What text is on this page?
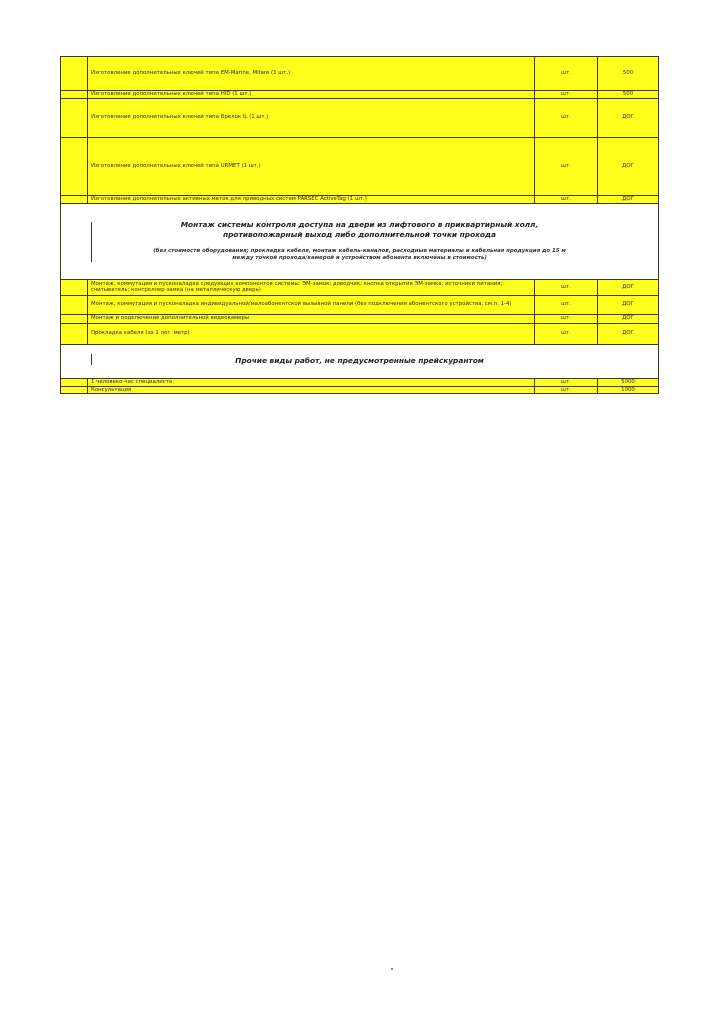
	Изготовление дополнительных ключей типа EM-Marine, Mifare (1 шт.)	шт.	500
	Изготовление дополнительных ключей типа HID (1 шт.)	шт.	500
	Изготовление дополнительных ключей типа Брелок IL (1 шт.)	шт.	ДОГ
	Изготовление дополнительных ключей типа URMET (1 шт.)	шт.	ДОГ
	Изготовление дополнительных активных меток для приводных систем PARSEC ActiveTag (1 шт.)	шт.	ДОГ

Монтаж системы контроля доступа на двери из лифтового в приквартирный холл, противопожарный выход либо дополнительной точки прохода
(без стоимости оборудования; прокладка кабеля, монтаж кабель-каналов, расходные материалы и кабельная продукция до 15 м между точкой прохода/камерой и устройством абонента включены в стоимость)			

	Монтаж, коммутация и пусконаладка следующих компонентов системы: ЭМ-замок; доводчик; кнопка открытия ЭМ-замка; источники питания; считыватель; контроллер замка (на металлическую дверь)	шт.	ДОГ
	Монтаж, коммутация и пусконаладка индивидуальной/малоабонентской вызывной панели (без подключения абонентского устройства, см.п. 1-4)	шт.	ДОГ
	Монтаж и подключение дополнительной видеокамеры	шт.	ДОГ
	Прокладка кабеля (за 1 пог. метр)	шт.	ДОГ

Прочие виды работ, не предусмотренные прейскурантом			

	1 человеко-час специалиста	шт.	5000
	Консультация	шт.	1000
